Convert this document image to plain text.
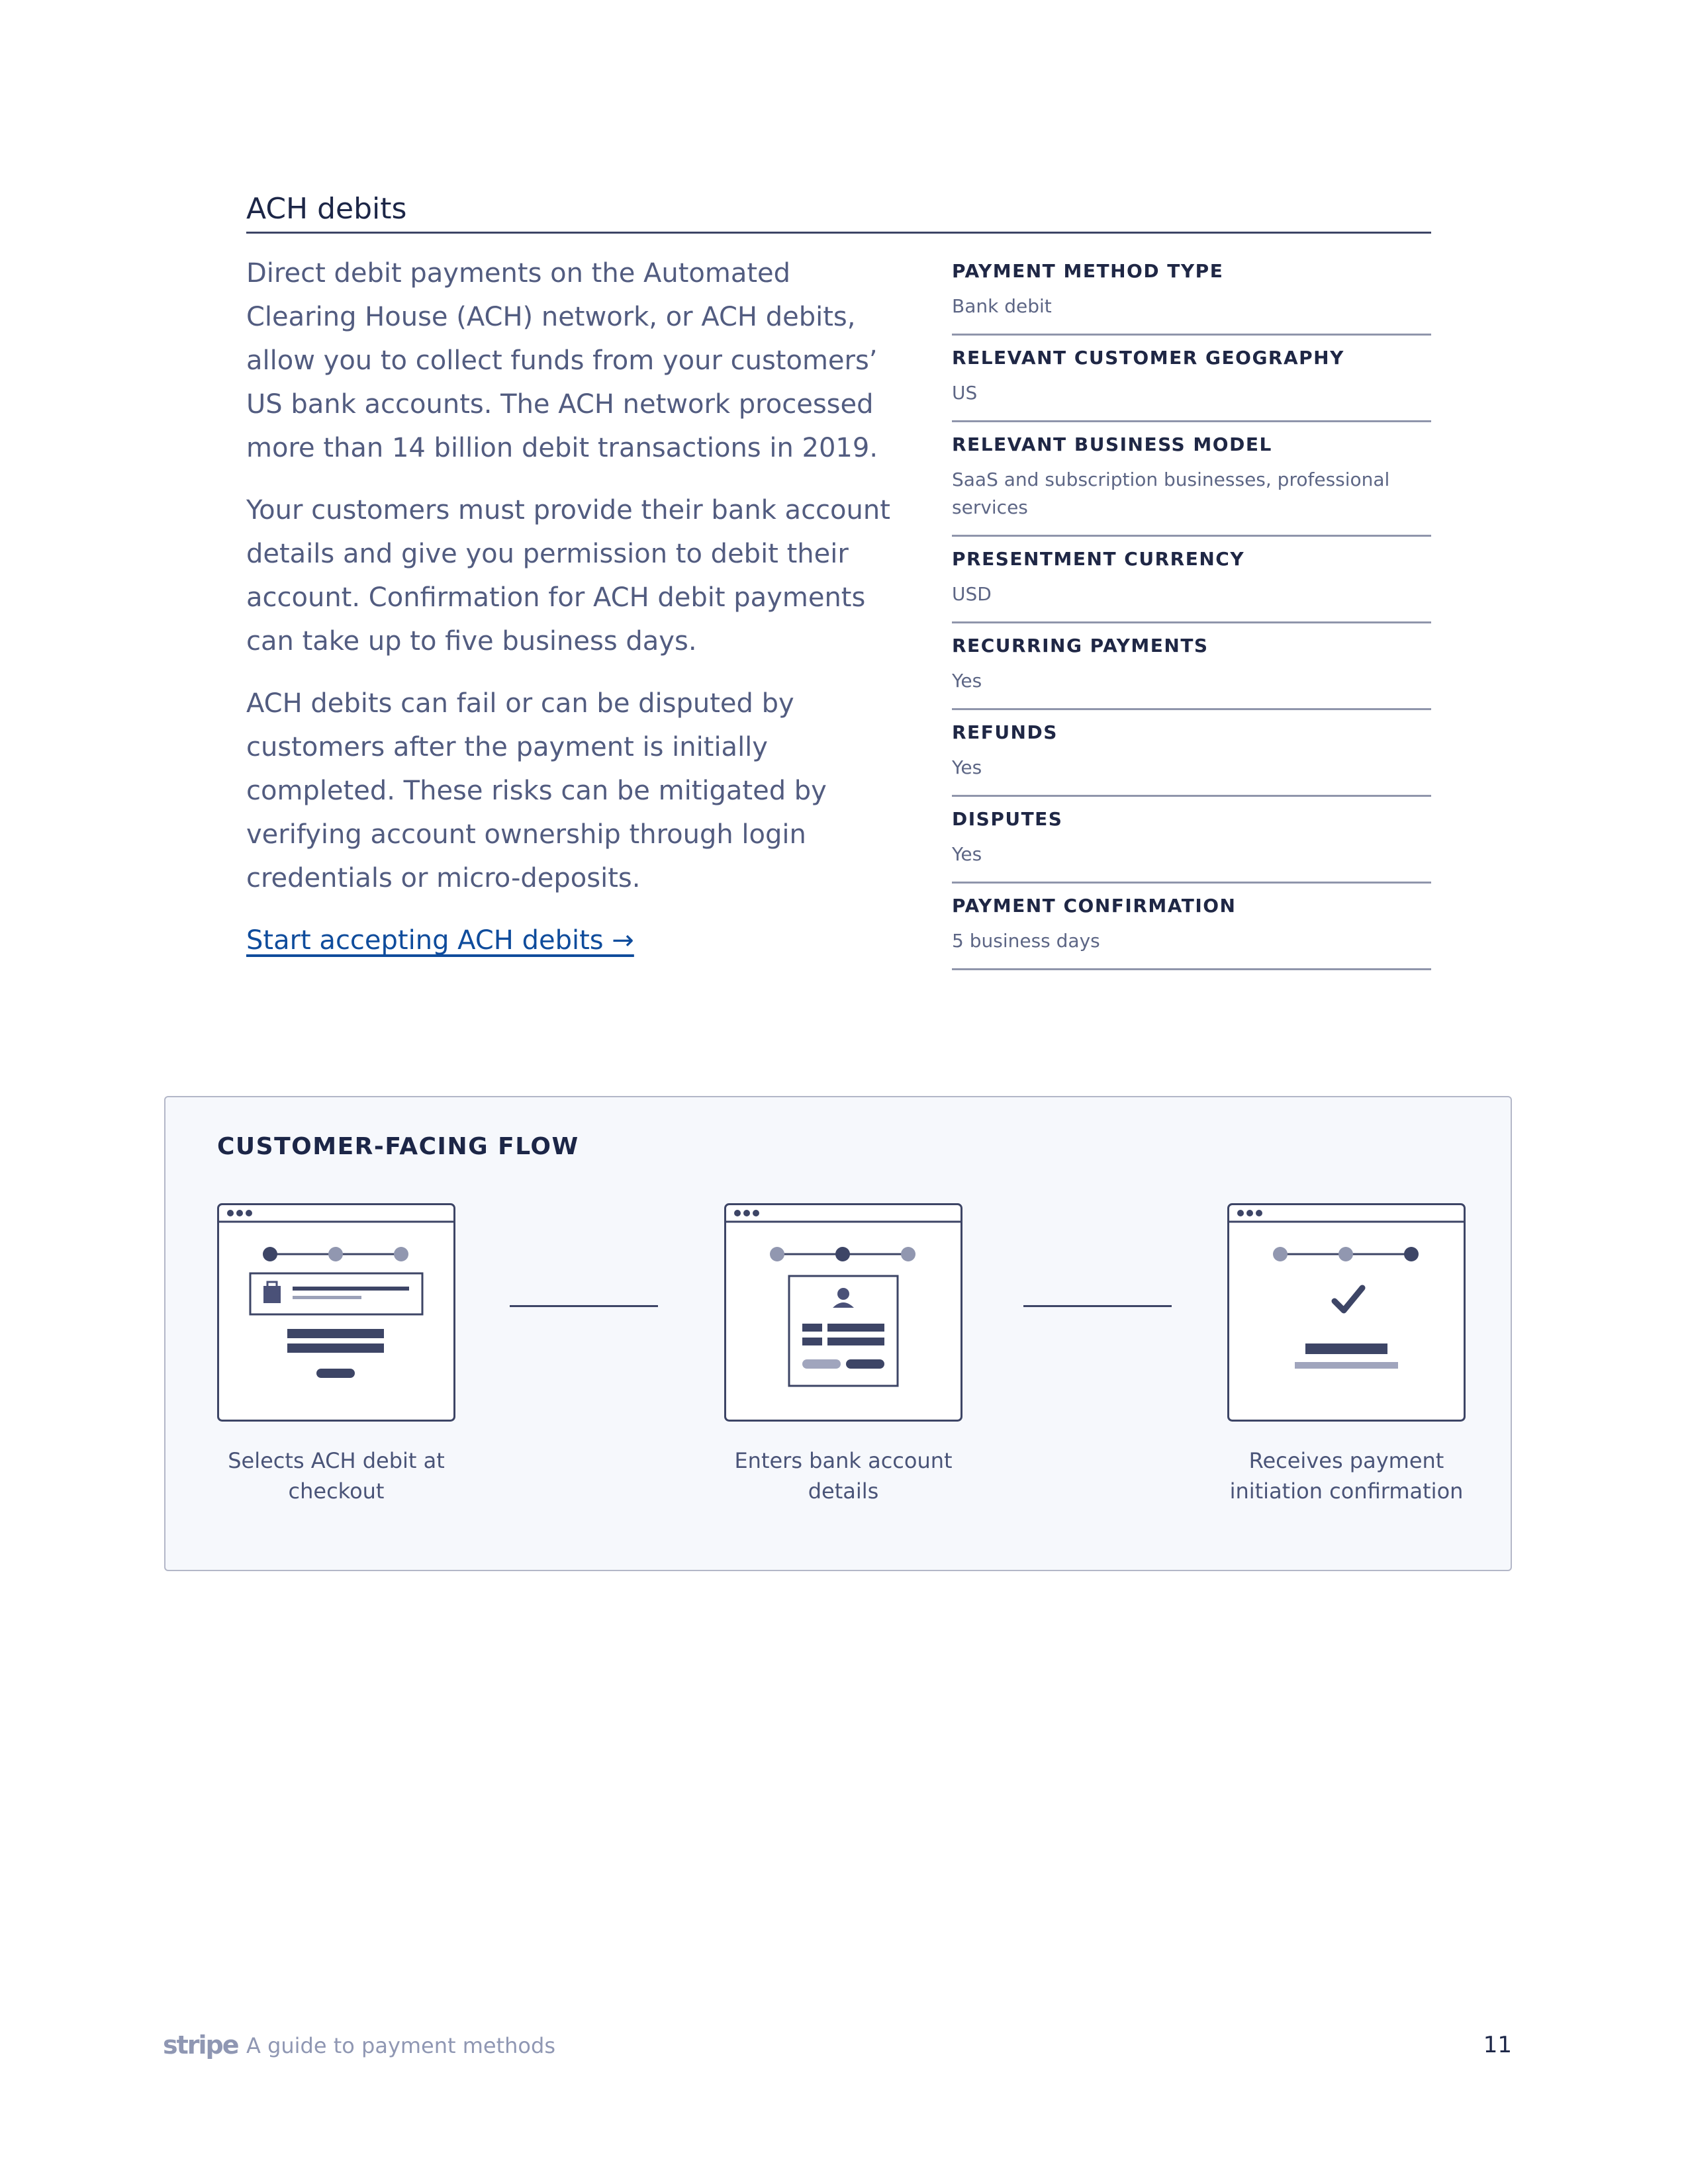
ACH debits

Direct debit payments on the Automated Clearing House (ACH) network, or ACH debits, allow you to collect funds from your customers’ US bank accounts. The ACH network processed more than 14 billion debit transactions in 2019.

Your customers must provide their bank account details and give you permission to debit their account. Confirmation for ACH debit payments can take up to five business days.

ACH debits can fail or can be disputed by customers after the payment is initially completed. These risks can be mitigated by verifying account ownership through login credentials or micro-deposits.

Start accepting ACH debits →
PAYMENT METHOD TYPE
Bank debit
RELEVANT CUSTOMER GEOGRAPHY
US
RELEVANT BUSINESS MODEL
SaaS and subscription businesses, professional services
PRESENTMENT CURRENCY
USD
RECURRING PAYMENTS
Yes
REFUNDS
Yes
DISPUTES
Yes
PAYMENT CONFIRMATION
5 business days
CUSTOMER-FACING FLOW
Selects ACH debit at checkout
Enters bank account details
Receives payment initiation confirmation
stripe A guide to payment methods	11
